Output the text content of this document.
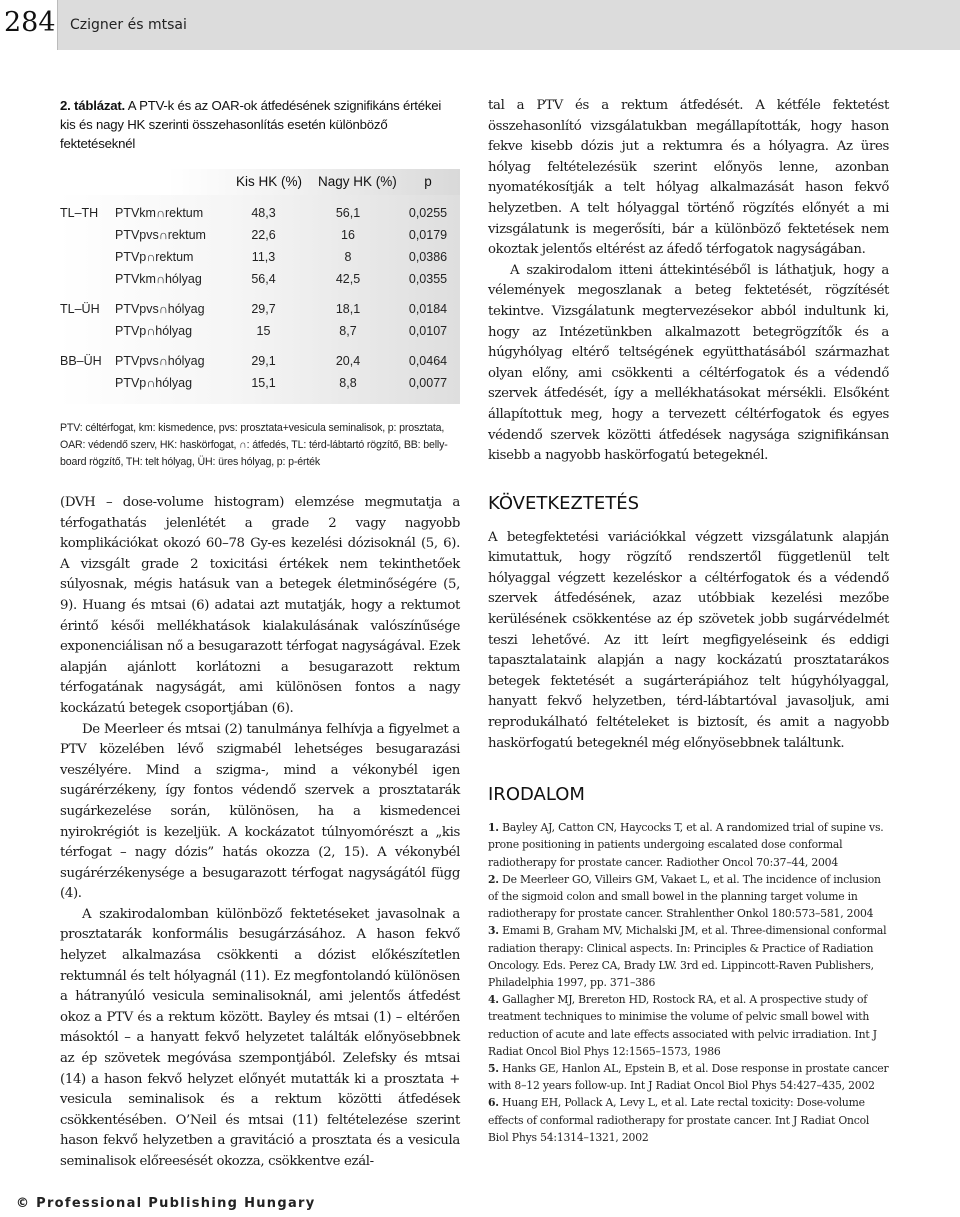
284 Czigner és mtsai
2. táblázat. A PTV-k és az OAR-ok átfedésének szignifikáns értékei kis és nagy HK szerinti összehasonlítás esetén különböző fektetéseknél
Kis HK (%) Nagy HK (%)	p
TL–TH PTVkm∩rektum	48,3	56,1	0,0255
PTVpvs∩rektum	22,6	16	0,0179
PTVp∩rektum	11,3	8	0,0386
PTVkm∩hólyag	56,4	42,5	0,0355
TL–ÜH PTVpvs∩hólyag	29,7	18,1	0,0184
PTVp∩hólyag	15	8,7	0,0107
BB–ÜH PTVpvs∩hólyag	29,1	20,4	0,0464
PTVp∩hólyag	15,1	8,8	0,0077
PTV: céltérfogat, km: kismedence, pvs: prosztata+vesicula seminalisok, p: prosztata, OAR: védendő szerv, HK: haskörfogat, ∩: átfedés, TL: térd-lábtartó rögzítő, BB: belly-board rögzítő, TH: telt hólyag, ÜH: üres hólyag, p: p-érték

(DVH – dose-volume histogram) elemzése megmutatja a térfogathatás jelenlétét a grade 2 vagy nagyobb komplikációkat okozó 60–78 Gy-es kezelési dózisoknál (5, 6). A vizsgált grade 2 toxicitási értékek nem tekinthetőek súlyosnak, mégis hatásuk van a betegek életminőségére (5, 9). Huang és mtsai (6) adatai azt mutatják, hogy a rektumot érintő késői mellékhatások kialakulásának valószínűsége exponenciálisan nő a besugarazott térfogat nagyságával. Ezek alapján ajánlott korlátozni a besugarazott rektum térfogatának nagyságát, ami különösen fontos a nagy kockázatú betegek csoportjában (6).

De Meerleer és mtsai (2) tanulmánya felhívja a figyelmet a PTV közelében lévő szigmabél lehetséges besugarazási veszélyére. Mind a szigma-, mind a vékonybél igen sugárérzékeny, így fontos védendő szervek a prosztatarák sugárkezelése során, különösen, ha a kismedencei nyirokrégiót is kezeljük. A kockázatot túlnyomórészt a „kis térfogat – nagy dózis” hatás okozza (2, 15). A vékonybél sugárérzékenysége a besugarazott térfogat nagyságától függ (4).

A szakirodalomban különböző fektetéseket javasolnak a prosztatarák konformális besugárzásához. A hason fekvő helyzet alkalmazása csökkenti a dózist előkészítetlen rektumnál és telt hólyagnál (11). Ez megfontolandó különösen a hátranyúló vesicula seminalisoknál, ami jelentős átfedést okoz a PTV és a rektum között. Bayley és mtsai (1) – eltérően másoktól – a hanyatt fekvő helyzetet találták előnyösebbnek az ép szövetek megóvása szempontjából. Zelefsky és mtsai (14) a hason fekvő helyzet előnyét mutatták ki a prosztata + vesicula seminalisok és a rektum közötti átfedések csökkentésében. O’Neil és mtsai (11) feltételezése szerint hason fekvő helyzetben a gravitáció a prosztata és a vesicula seminalisok előreesését okozza, csökkentve ezál-

tal a PTV és a rektum átfedését. A kétféle fektetést összehasonlító vizsgálatukban megállapították, hogy hason fekve kisebb dózis jut a rektumra és a hólyagra. Az üres hólyag feltételezésük szerint előnyös lenne, azonban nyomatékosítják a telt hólyag alkalmazását hason fekvő helyzetben. A telt hólyaggal történő rögzítés előnyét a mi vizsgálatunk is megerősíti, bár a különböző fektetések nem okoztak jelentős eltérést az áfedő térfogatok nagyságában.

A szakirodalom itteni áttekintéséből is láthatjuk, hogy a vélemények megoszlanak a beteg fektetését, rögzítését tekintve. Vizsgálatunk megtervezésekor abból indultunk ki, hogy az Intézetünkben alkalmazott betegrögzítők és a húgyhólyag eltérő teltségének együtthatásából származhat olyan előny, ami csökkenti a céltérfogatok és a védendő szervek átfedését, így a mellékhatásokat mérsékli. Elsőként állapítottuk meg, hogy a tervezett céltérfogatok és egyes védendő szervek közötti átfedések nagysága szignifikánsan kisebb a nagyobb haskörfogatú betegeknél.

KÖVETKEZTETÉS

A betegfektetési variációkkal végzett vizsgálatunk alapján kimutattuk, hogy rögzítő rendszertől függetlenül telt hólyaggal végzett kezeléskor a céltérfogatok és a védendő szervek átfedésének, azaz utóbbiak kezelési mezőbe kerülésének csökkentése az ép szövetek jobb sugárvédelmét teszi lehetővé. Az itt leírt megfigyeléseink és eddigi tapasztalataink alapján a nagy kockázatú prosztatarákos betegek fektetését a sugárterápiához telt húgyhólyaggal, hanyatt fekvő helyzetben, térd-lábtartóval javasoljuk, ami reprodukálható feltételeket is biztosít, és amit a nagyobb haskörfogatú betegeknél még előnyösebbnek találtunk.

IRODALOM
1. Bayley AJ, Catton CN, Haycocks T, et al. A randomized trial of supine vs. prone positioning in patients undergoing escalated dose conformal radiotherapy for prostate cancer. Radiother Oncol 70:37–44, 2004
2. De Meerleer GO, Villeirs GM, Vakaet L, et al. The incidence of inclusion of the sigmoid colon and small bowel in the planning target volume in radiotherapy for prostate cancer. Strahlenther Onkol 180:573–581, 2004
3. Emami B, Graham MV, Michalski JM, et al. Three-dimensional conformal radiation therapy: Clinical aspects. In: Principles & Practice of Radiation Oncology. Eds. Perez CA, Brady LW. 3rd ed. Lippincott-Raven Publishers, Philadelphia 1997, pp. 371–386
4. Gallagher MJ, Brereton HD, Rostock RA, et al. A prospective study of treatment techniques to minimise the volume of pelvic small bowel with reduction of acute and late effects associated with pelvic irradiation. Int J Radiat Oncol Biol Phys 12:1565–1573, 1986
5. Hanks GE, Hanlon AL, Epstein B, et al. Dose response in prostate cancer with 8–12 years follow-up. Int J Radiat Oncol Biol Phys 54:427–435, 2002
6. Huang EH, Pollack A, Levy L, et al. Late rectal toxicity: Dose-volume effects of conformal radiotherapy for prostate cancer. Int J Radiat Oncol Biol Phys 54:1314–1321, 2002
© Professional Publishing Hungary
